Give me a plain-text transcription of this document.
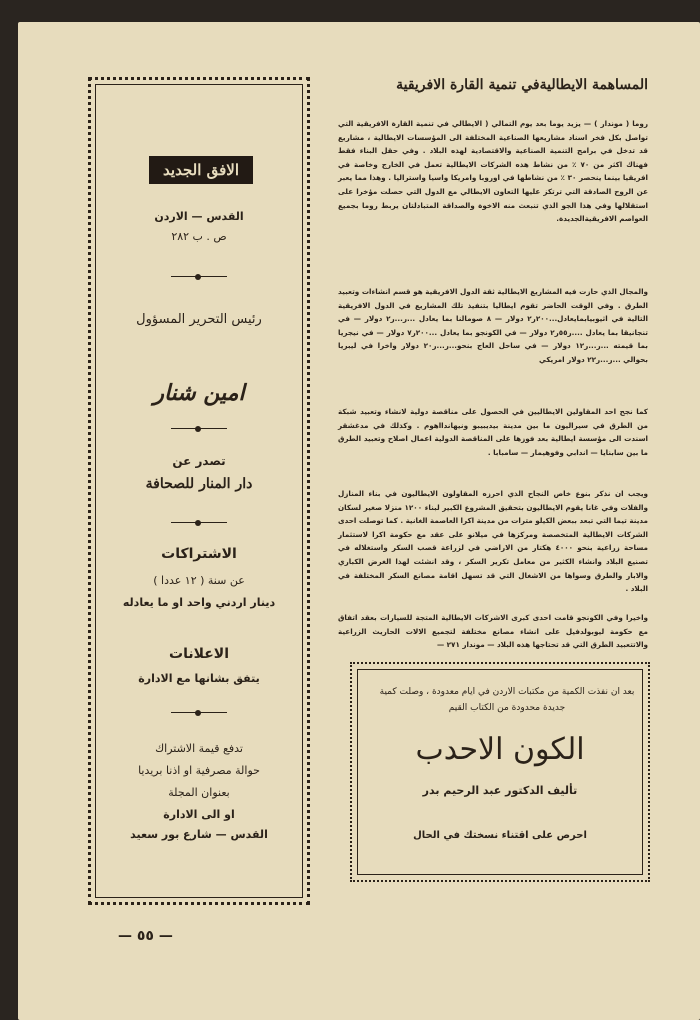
المساهمة الايطاليةفي تنمية القارة الافريقية
روما ( موندار ) — يزيد يوما بعد يوم التمالي ( الايطالي في تنمية القارة الافريقية التي تواصل بكل فخر اسناد مشاريعها الصناعية المختلفة الى المؤسسات الايطالية ، مشاريع قد تدخل في برامج التنمية الصناعية والاقتصادية لهذه البلاد . وفي حقل البناء فقط فهناك اكثر من ٧٠ ٪ من نشاط هذه الشركات الايطالية تعمل في الخارج وخاصة في افريقيا بينما ينحصر ٣٠ ٪ من نشاطها في اوروبا وامريكا واسيا واستراليا . وهذا مما يعبر عن الروح الصادقة التي ترتكز عليها التعاون الايطالي مع الدول التي حصلت مؤخرا على استقلالها وفي هذا الجو الذي تنبعث منه الاخوة والصداقة المتبادلتان يربط روما بجميع العواصم الافريقيةالجديدة.
والمجال الذي حازت فيه المشاريع الايطالية ثقة الدول الافريقية هو قسم انشاءات وتعبيد الطرق . وفي الوقت الحاضر تقوم ايطاليا بتنفيذ تلك المشاريع في الدول الافريقية التالية في اثيوبيابمايعادل...٢٠٠ر٢ دولار — ٨ صومالنا بما يعادل ...ر...ر٢ دولار — في تنجانيقا بما يعادل ....ر٥٥ر٢ دولار — في الكونجو بما يعادل ...٢٠٠ر٧ دولار — في نيجريا بما قيمته ...ر...ر١٢ دولار — في ساحل العاج بنحو...ر...ر٢٠ دولار واخرا في ليبريا بحوالي ...ر...ر٢٢ دولار امريكي
كما نجح احد المقاولين الايطاليين في الحصول على مناقصة دولية لانشاء وتعبيد شبكة من الطرق في سيراليون ما بين مدينة بيديبيبو ونيهاندااهوم . وكذلك في مدغشقر اسندت الى مؤسسة ايطالية بعد فوزها على المناقصة الدولية اعمال اصلاح وتعبيد الطرق ما بين سابنايا — اندابي وفوهيمار — سامبابا .
ويجب ان نذكر بنوع خاص النجاح الذي احرزه المقاولون الايطاليون في بناء المنازل والفلات وفي غانا يقوم الايطاليون بتحقيق المشروع الكبير لبناء ١٢٠٠ منزلا صغير لسكان مدينة تيما التي تبعد ببعض الكيلو مترات من مدينة اكرا العاصمة الغانية . كما توصلت احدى الشركات الايطالية المتخصصة ومركزها في ميلانو على عقد مع حكومة اكرا لاستثمار مساحة زراعية بنحو ٤٠٠٠ هكتار من الاراضي في لزراعة قصب السكر واستغلاله في تصنيع البلاد وانشاء الكثير من معامل تكرير السكر ، وقد انشئت لهذا الغرض الكباري والابار والطرق وسواها من الاشغال التي قد تسهل اقامة مصانع السكر المختلفة في البلاد .
واخيرا وفي الكونجو قامت احدى كبرى الاشركات الايطالية المتجة للسيارات بعقد اتفاق مع حكومة ليوبولدفيل على انشاء مصانع مختلفة لتجميع الالات الحاريث الزراعية والاتتعبيد الطرق التي قد تحتاجها هذه البلاد — موندار ٢٧١ —
بعد ان نفذت الكمية من مكتبات الاردن في ايام معدودة ، وصلت كمية جديدة محدودة من الكتاب القيم
الكون الاحدب
تأليف الدكتور عبد الرحيم بدر
احرص على اقتناء نسختك في الحال
الافق الجديد
القدس — الاردن
ص . ب ٢٨٢
رئيس التحرير المسؤول
امين شنار
تصدر عن
دار المنار للصحافة
الاشتراكات
عن سنة ( ١٢ عددا )
دينار اردني واحد او ما يعادله
الاعلانات
يتفق بشانها مع الادارة
تدفع قيمة الاشتراك
حوالة مصرفية او اذنا بريديا
بعنوان المجلة
او الى الادارة
القدس — شارع بور سعيد
— ٥٥ —
